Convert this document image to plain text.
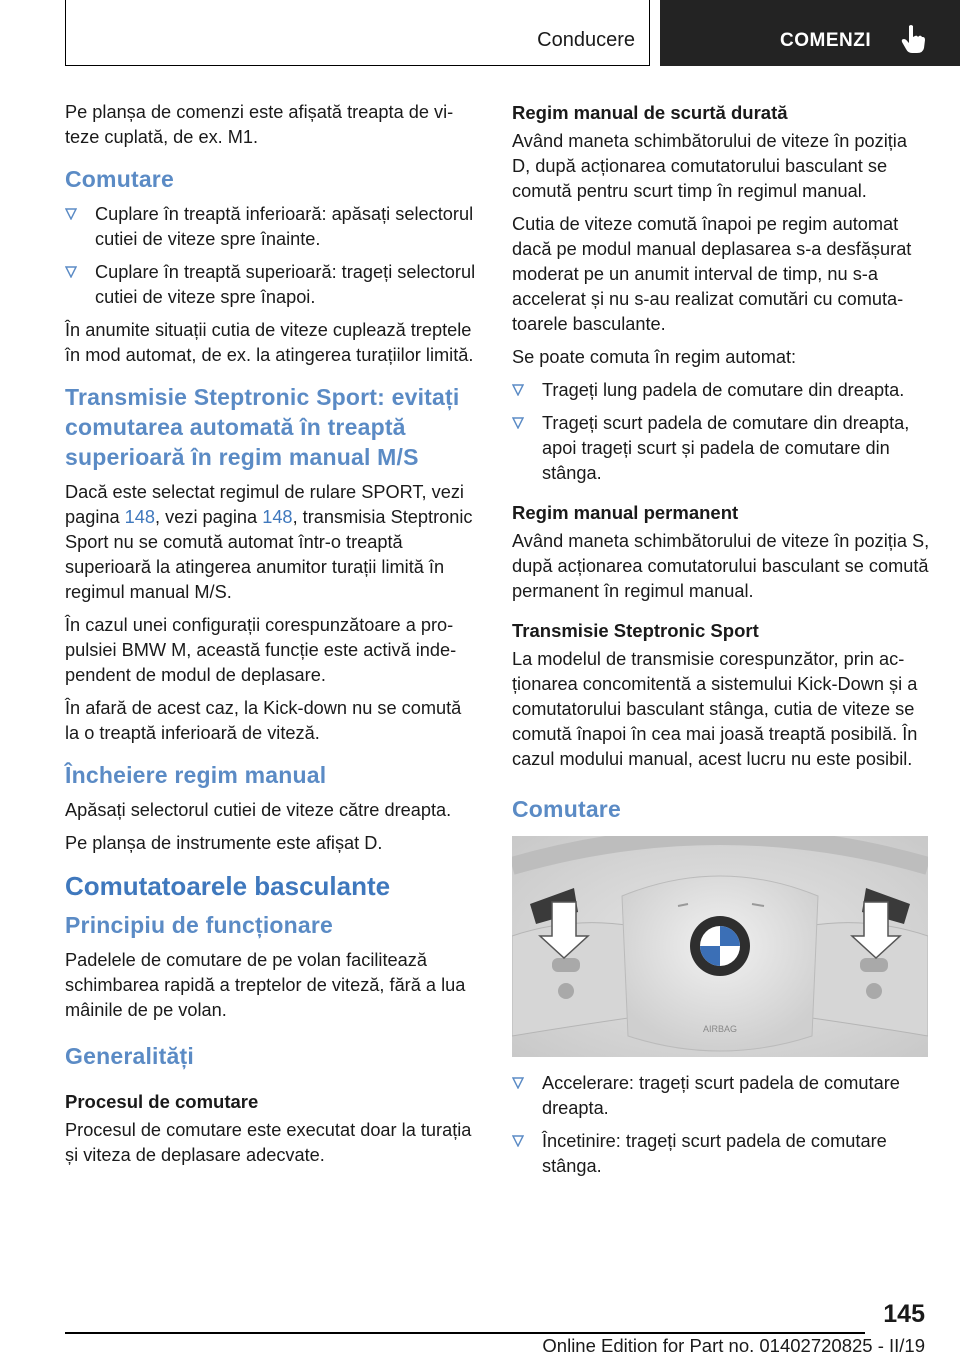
Conducere	COMENZI

Pe planșa de comenzi este afișată treapta de viteze cuplată, de ex. M1.

Comutare
Cuplare în treaptă inferioară: apăsați selectorul cutiei de viteze spre înainte.
Cuplare în treaptă superioară: trageți selectorul cutiei de viteze spre înapoi.

În anumite situații cutia de viteze cuplează treptele în mod automat, de ex. la atingerea turațiilor limită.

Transmisie Steptronic Sport: evitați comutarea automată în treaptă superioară în regim manual M/S

Dacă este selectat regimul de rulare SPORT, vezi pagina 148, vezi pagina 148, transmisia Steptronic Sport nu se comută automat într-o treaptă superioară la atingerea anumitor turații limită în regimul manual M/S.

În cazul unei configurații corespunzătoare a propulsiei BMW M, această funcție este activă independent de modul de deplasare.

În afară de acest caz, la Kick-down nu se comută la o treaptă inferioară de viteză.

Încheiere regim manual

Apăsați selectorul cutiei de viteze către dreapta.

Pe planșa de instrumente este afișat D.

Comutatoarele basculante
Principiu de funcționare

Padelele de comutare de pe volan facilitează schimbarea rapidă a treptelor de viteză, fără a lua mâinile de pe volan.

Generalități
Procesul de comutare

Procesul de comutare este executat doar la turația și viteza de deplasare adecvate.

Regim manual de scurtă durată

Având maneta schimbătorului de viteze în poziția D, după acționarea comutatorului basculant se comută pentru scurt timp în regimul manual.

Cutia de viteze comută înapoi pe regim automat dacă pe modul manual deplasarea s-a desfășurat moderat pe un anumit interval de timp, nu s-a accelerat și nu s-au realizat comutări cu comutatoarele basculante.

Se poate comuta în regim automat:

Trageți lung padela de comutare din dreapta.
Trageți scurt padela de comutare din dreapta, apoi trageți scurt și padela de comutare din stânga.
Regim manual permanent

Având maneta schimbătorului de viteze în poziția S, după acționarea comutatorului basculant se comută permanent în regimul manual.

Transmisie Steptronic Sport

La modelul de transmisie corespunzător, prin acționarea concomitentă a sistemului Kick-Down și a comutatorului basculant stânga, cutia de viteze se comută înapoi în cea mai joasă treaptă posibilă. În cazul modului manual, acest lucru nu este posibil.

Comutare
AIRBAG
Accelerare: trageți scurt padela de comutare dreapta.
Încetinire: trageți scurt padela de comutare stânga.
145
Online Edition for Part no. 01402720825 - II/19
